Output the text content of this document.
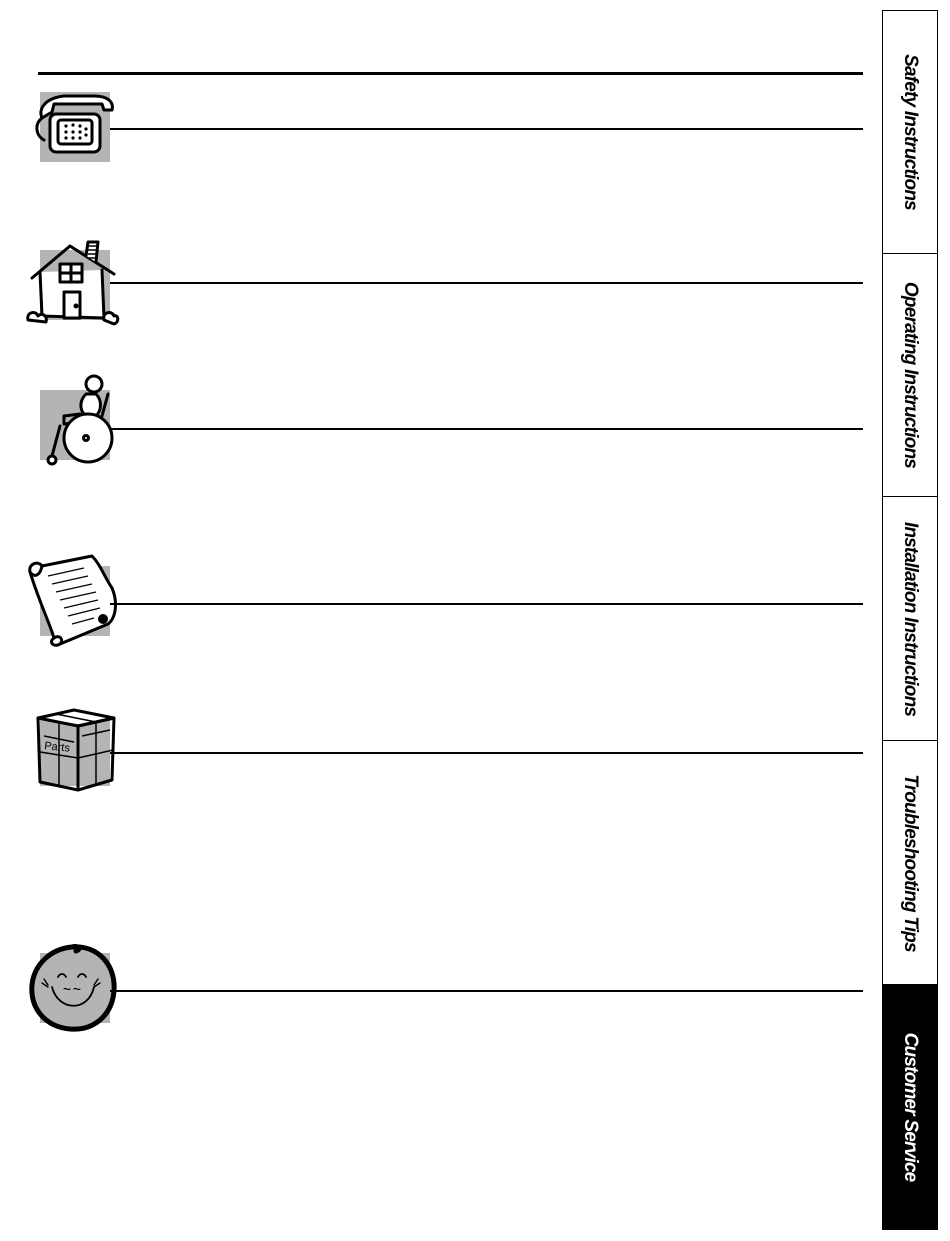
Parts
Safety Instructions
Operating Instructions
Installation Instructions
Troubleshooting Tips
Customer Service
